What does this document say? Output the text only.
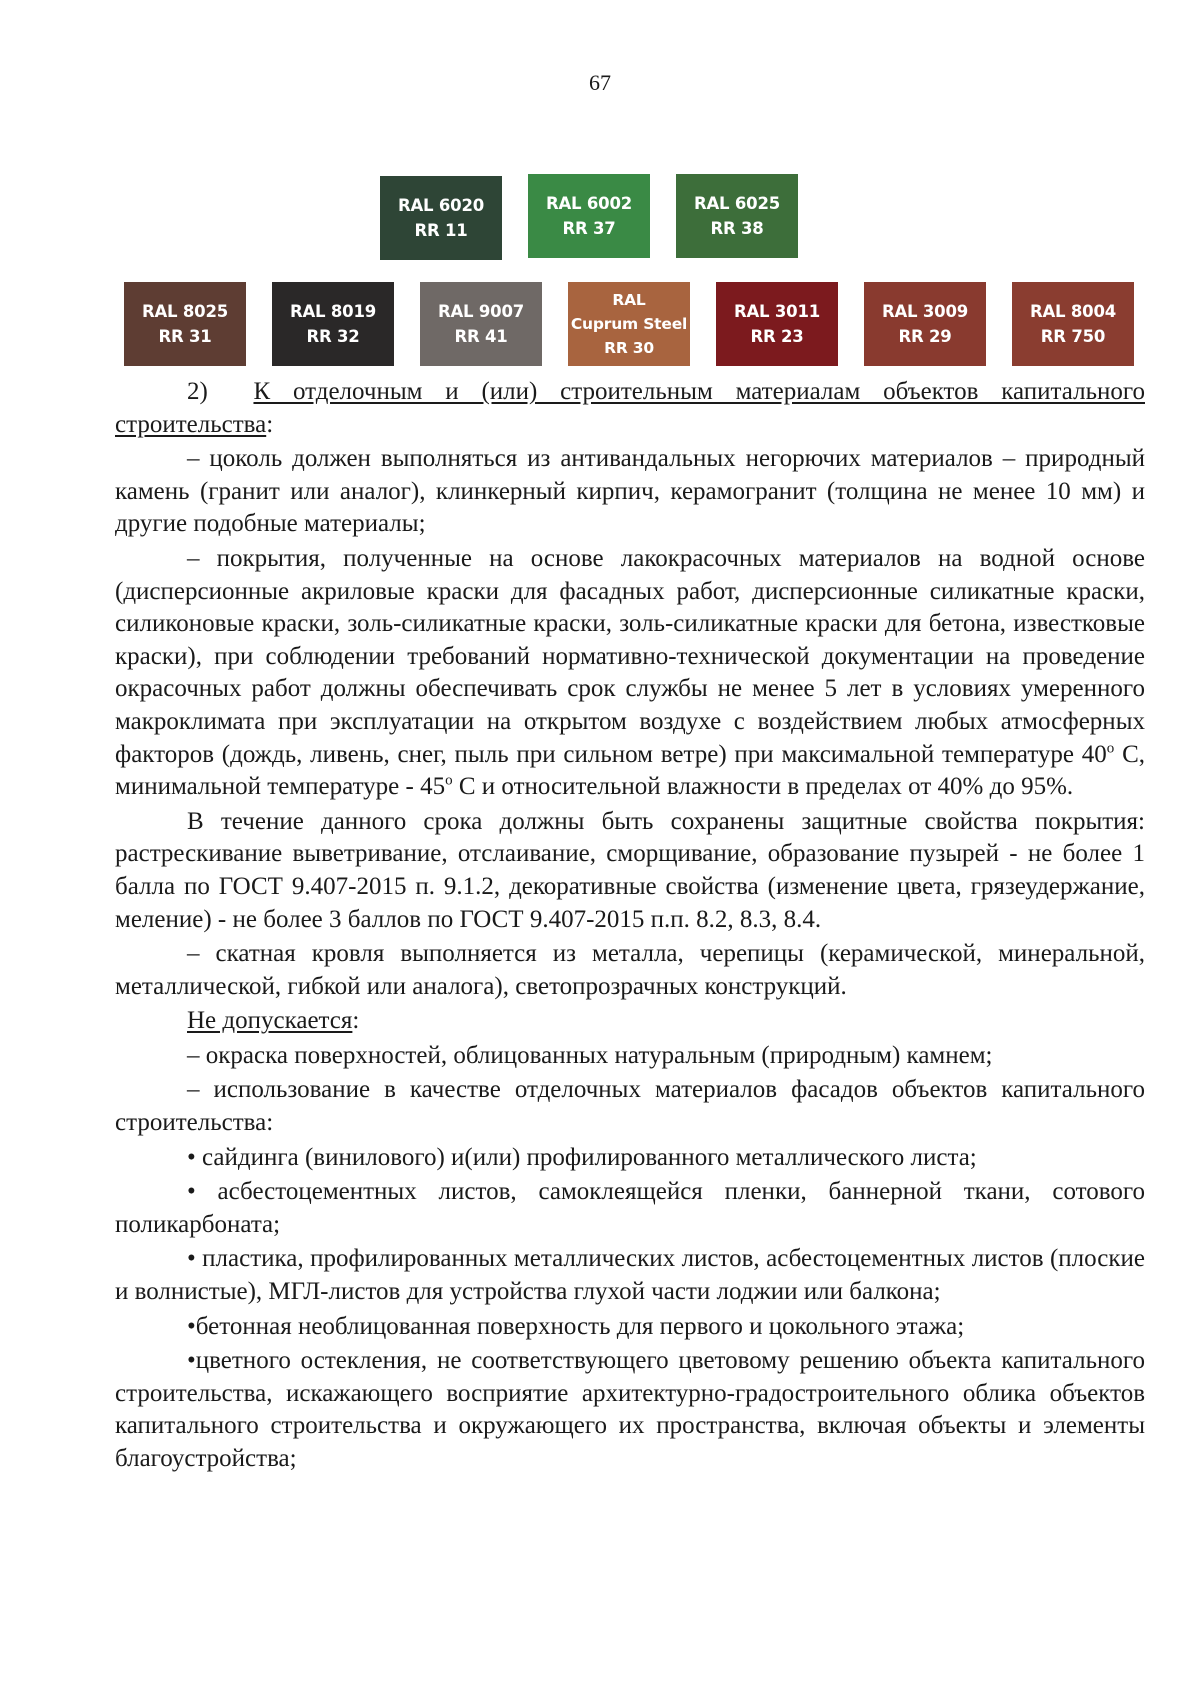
67
RAL 6020
RR 11
RAL 6002
RR 37
RAL 6025
RR 38
RAL 8025
RR 31
RAL 8019
RR 32
RAL 9007
RR 41
RAL
Cuprum Steel
RR 30
RAL 3011
RR 23
RAL 3009
RR 29
RAL 8004
RR 750

2) К отделочным и (или) строительным материалам объектов капитального строительства:

– цоколь должен выполняться из антивандальных негорючих материалов – природный камень (гранит или аналог), клинкерный кирпич, керамогранит (толщина не менее 10 мм) и другие подобные материалы;

– покрытия, полученные на основе лакокрасочных материалов на водной основе (дисперсионные акриловые краски для фасадных работ, дисперсионные силикатные краски, силиконовые краски, золь-силикатные краски, золь-силикатные краски для бетона, известковые краски), при соблюдении требований нормативно-технической документации на проведение окрасочных работ должны обеспечивать срок службы не менее 5 лет в условиях умеренного макроклимата при эксплуатации на открытом воздухе с воздействием любых атмосферных факторов (дождь, ливень, снег, пыль при сильном ветре) при максимальной температуре 40$^o$ С, минимальной температуре - 45$^o$ С и относительной влажности в пределах от 40% до 95%.

В течение данного срока должны быть сохранены защитные свойства покрытия: растрескивание выветривание, отслаивание, сморщивание, образование пузырей - не более 1 балла по ГОСТ 9.407-2015 п. 9.1.2, декоративные свойства (изменение цвета, грязеудержание, меление) - не более 3 баллов по ГОСТ 9.407-2015 п.п. 8.2, 8.3, 8.4.

– скатная кровля выполняется из металла, черепицы (керамической, минеральной, металлической, гибкой или аналога), светопрозрачных конструкций.

Не допускается:

– окраска поверхностей, облицованных натуральным (природным) камнем;

– использование в качестве отделочных материалов фасадов объектов капитального строительства:

• сайдинга (винилового) и(или) профилированного металлического листа;

• асбестоцементных листов, самоклеящейся пленки, баннерной ткани, сотового поликарбоната;

• пластика, профилированных металлических листов, асбестоцементных листов (плоские и волнистые), МГЛ-листов для устройства глухой части лоджии или балкона;

•бетонная необлицованная поверхность для первого и цокольного этажа;

•цветного остекления, не соответствующего цветовому решению объекта капитального строительства, искажающего восприятие архитектурно-градостроительного облика объектов капитального строительства и окружающего их пространства, включая объекты и элементы благоустройства;
